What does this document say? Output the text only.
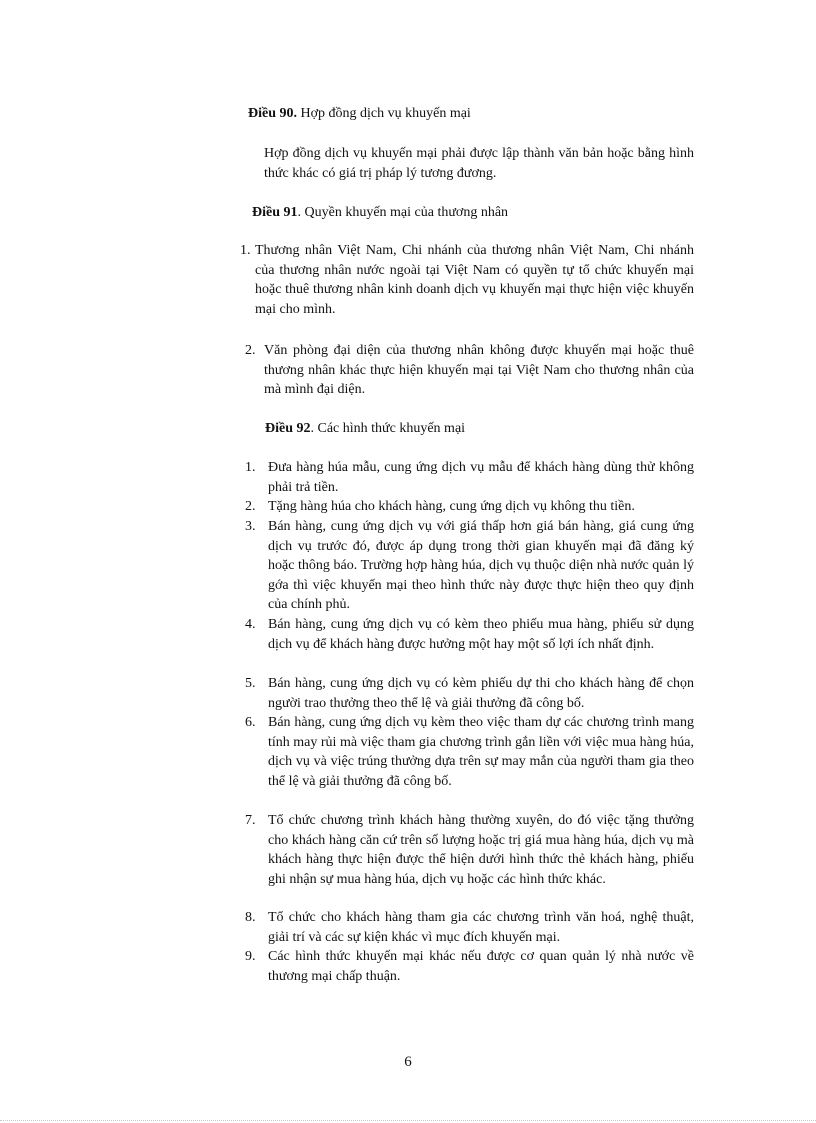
Điều 90. Hợp đồng dịch vụ khuyến mại
Hợp đồng dịch vụ khuyến mại phải được lập thành văn bản hoặc bằng hình thức khác có giá trị pháp lý tương đương.
Điều 91. Quyền khuyến mại của thương nhân
1. Thương nhân Việt Nam, Chi nhánh của thương nhân Việt Nam, Chi nhánh của thương nhân nước ngoài tại Việt Nam có quyền tự tổ chức khuyến mại hoặc thuê thương nhân kinh doanh dịch vụ khuyến mại thực hiện việc khuyến mại cho mình.
2. Văn phòng đại diện của thương nhân không được khuyến mại hoặc thuê thương nhân khác thực hiện khuyến mại tại Việt Nam cho thương nhân của mà mình đại diện.
Điều 92. Các hình thức khuyến mại
1. Đưa hàng húa mẫu, cung ứng dịch vụ mẫu để khách hàng dùng thử không phải trả tiền.
2. Tặng hàng húa cho khách hàng, cung ứng dịch vụ không thu tiền.
3. Bán hàng, cung ứng dịch vụ với giá thấp hơn giá bán hàng, giá cung ứng dịch vụ trước đó, được áp dụng trong thời gian khuyến mại đã đăng ký hoặc thông báo. Trường hợp hàng húa, dịch vụ thuộc diện nhà nước quản lý gớa thì việc khuyến mại theo hình thức này được thực hiện theo quy định của chính phủ.
4. Bán hàng, cung ứng dịch vụ có kèm theo phiếu mua hàng, phiếu sử dụng dịch vụ để khách hàng được hưởng một hay một số lợi ích nhất định.
5. Bán hàng, cung ứng dịch vụ có kèm phiếu dự thi cho khách hàng để chọn người trao thưởng theo thể lệ và giải thưởng đã công bố.
6. Bán hàng, cung ứng dịch vụ kèm theo việc tham dự các chương trình mang tính may rủi mà việc tham gia chương trình gắn liền với việc mua hàng húa, dịch vụ và việc trúng thưởng dựa trên sự may mắn của người tham gia theo thể lệ và giải thưởng đã công bố.
7. Tổ chức chương trình khách hàng thường xuyên, do đó việc tặng thưởng cho khách hàng căn cứ trên số lượng hoặc trị giá mua hàng húa, dịch vụ mà khách hàng thực hiện được thể hiện dưới hình thức thẻ khách hàng, phiếu ghi nhận sự mua hàng húa, dịch vụ hoặc các hình thức khác.
8. Tổ chức cho khách hàng tham gia các chương trình văn hoá, nghệ thuật, giải trí và các sự kiện khác vì mục đích khuyến mại.
9. Các hình thức khuyến mại khác nếu được cơ quan quản lý nhà nước về thương mại chấp thuận.
6
